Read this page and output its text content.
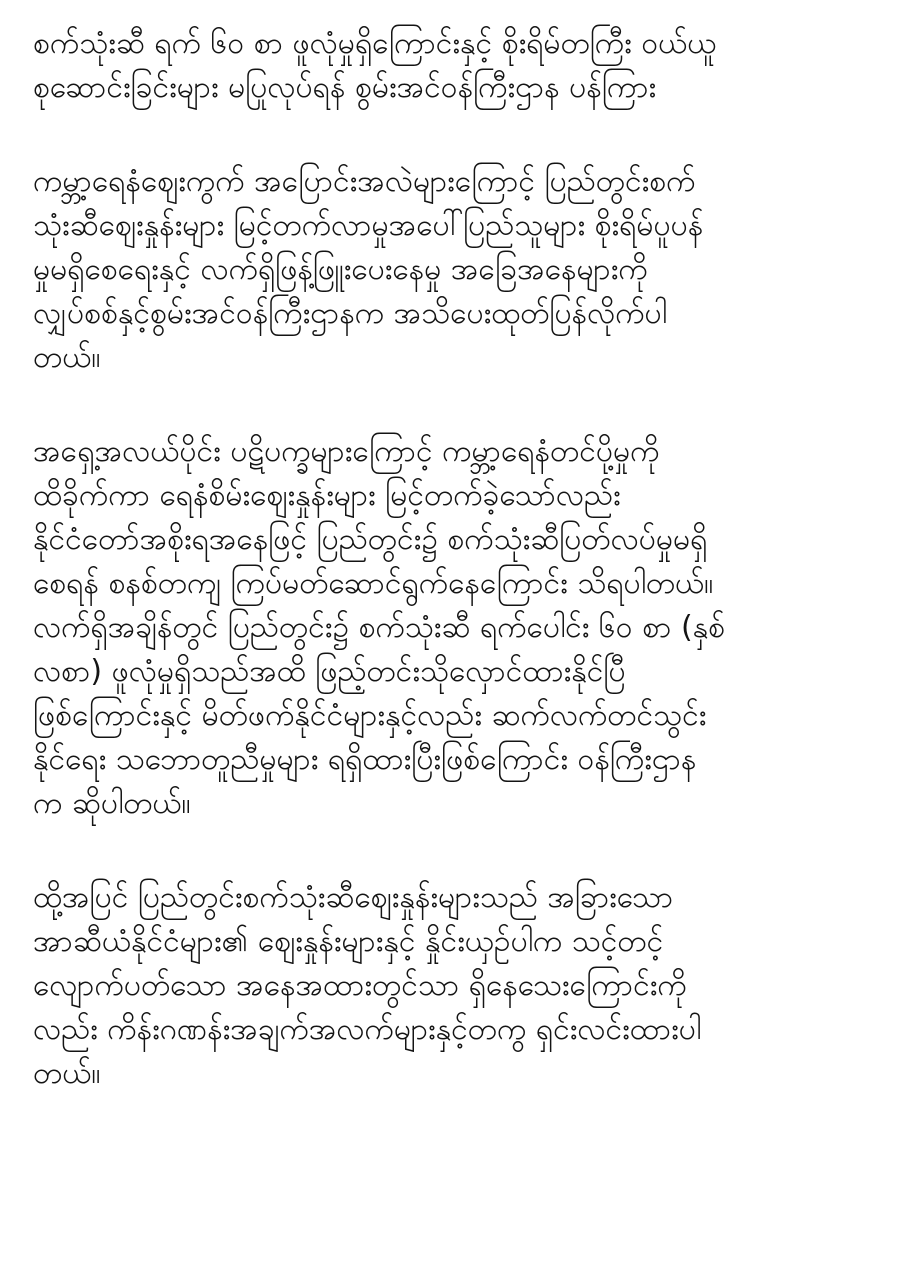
စက်သုံးဆီ ရက် ၆၀ စာ ဖူလုံမှုရှိကြောင်းနှင့် စိုးရိမ်တကြီး ဝယ်ယူ
စုဆောင်းခြင်းများ မပြုလုပ်ရန် စွမ်းအင်ဝန်ကြီးဌာန ပန်ကြား
ကမ္ဘာ့ရေနံဈေးကွက် အပြောင်းအလဲများကြောင့် ပြည်တွင်းစက်
သုံးဆီဈေးနှုန်းများ မြင့်တက်လာမှုအပေါ်ပြည်သူများ စိုးရိမ်ပူပန်
မှုမရှိစေရေးနှင့် လက်ရှိဖြန့်ဖြူးပေးနေမှု အခြေအနေများကို
လျှပ်စစ်နှင့်စွမ်းအင်ဝန်ကြီးဌာနက အသိပေးထုတ်ပြန်လိုက်ပါ
တယ်။
အရှေ့အလယ်ပိုင်း ပဋိပက္ခများကြောင့် ကမ္ဘာ့ရေနံတင်ပို့မှုကို
ထိခိုက်ကာ ရေနံစိမ်းဈေးနှုန်းများ မြင့်တက်ခဲ့သော်လည်း
နိုင်ငံတော်အစိုးရအနေဖြင့် ပြည်တွင်း၌ စက်သုံးဆီပြတ်လပ်မှုမရှိ
စေရန် စနစ်တကျ ကြပ်မတ်ဆောင်ရွက်နေကြောင်း သိရပါတယ်။
လက်ရှိအချိန်တွင် ပြည်တွင်း၌ စက်သုံးဆီ ရက်ပေါင်း ၆၀ စာ (နှစ်
လစာ) ဖူလုံမှုရှိသည်အထိ ဖြည့်တင်းသိုလှောင်ထားနိုင်ပြီ
ဖြစ်ကြောင်းနှင့် မိတ်ဖက်နိုင်ငံများနှင့်လည်း ဆက်လက်တင်သွင်း
နိုင်ရေး သဘောတူညီမှုများ ရရှိထားပြီးဖြစ်ကြောင်း ဝန်ကြီးဌာန
က ဆိုပါတယ်။
ထို့အပြင် ပြည်တွင်းစက်သုံးဆီဈေးနှုန်းများသည် အခြားသော
အာဆီယံနိုင်ငံများ၏ ဈေးနှုန်းများနှင့် နှိုင်းယှဉ်ပါက သင့်တင့်
လျောက်ပတ်သော အနေအထားတွင်သာ ရှိနေသေးကြောင်းကို
လည်း ကိန်းဂဏန်းအချက်အလက်များနှင့်တကွ ရှင်းလင်းထားပါ
တယ်။
